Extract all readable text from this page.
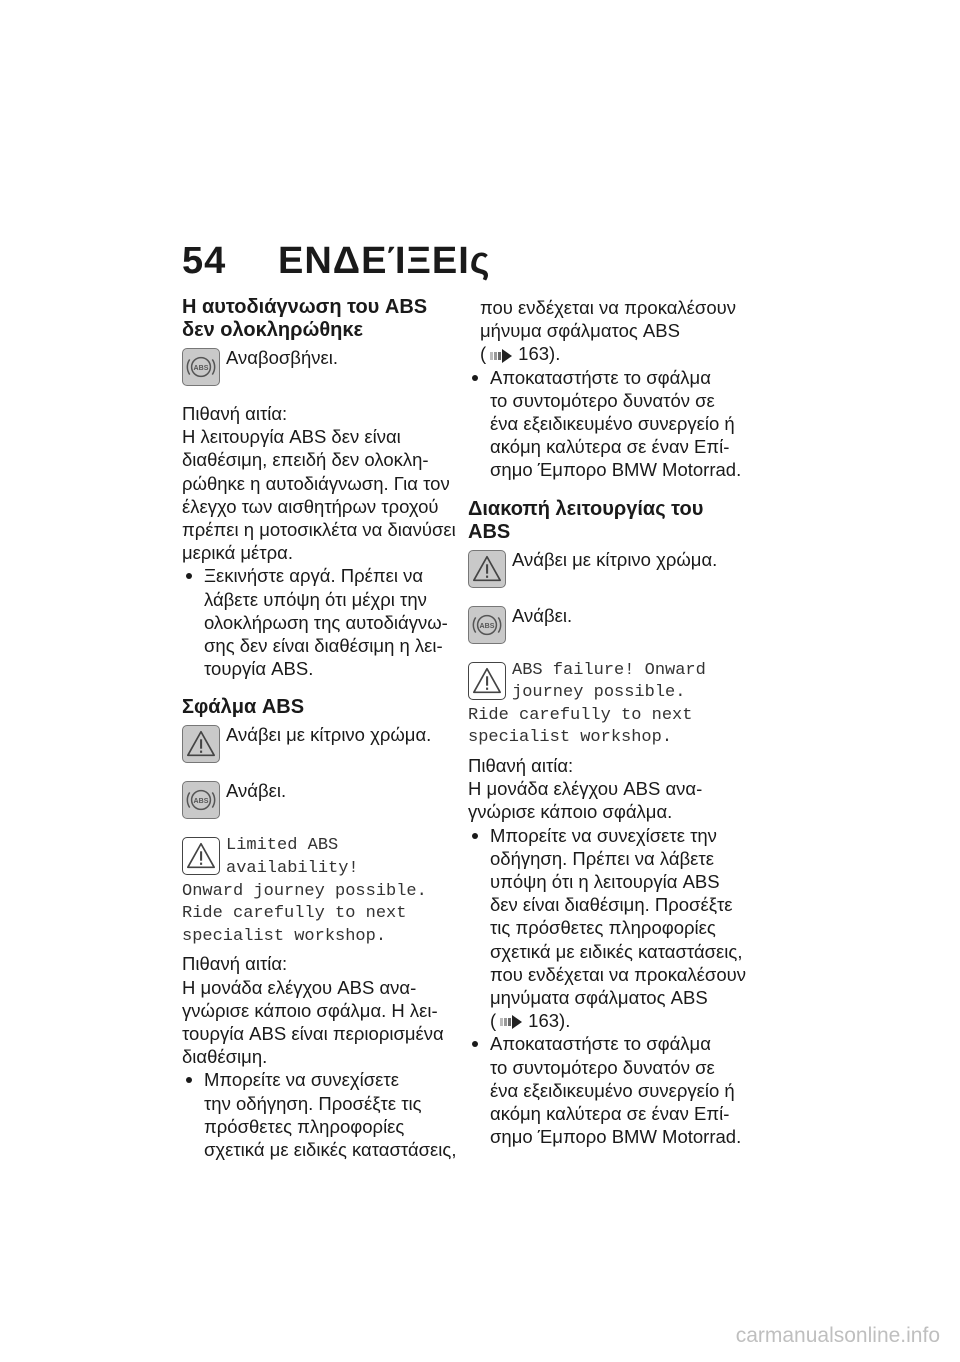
54 ΕΝΔΕΊΞΕΙς
Η αυτοδιάγνωση του ABS
δεν ολοκληρώθηκε
Αναβοσβήνει.

Πιθανή αιτία:

Η λειτουργία ABS δεν είναι
διαθέσιμη, επειδή δεν ολοκλη-
ρώθηκε η αυτοδιάγνωση. Για τον
έλεγχο των αισθητήρων τροχού
πρέπει η μοτοσικλέτα να διανύσει
μερικά μέτρα.

Ξεκινήστε αργά. Πρέπει να
λάβετε υπόψη ότι μέχρι την
ολοκλήρωση της αυτοδιάγνω-
σης δεν είναι διαθέσιμη η λει-
τουργία ABS.
Σφάλμα ABS
Ανάβει με κίτρινο χρώμα.
Ανάβει.
Limited ABS
availability!
Onward journey possible.
Ride carefully to next
specialist workshop.

Πιθανή αιτία:

Η μονάδα ελέγχου ABS ανα-
γνώρισε κάποιο σφάλμα. Η λει-
τουργία ABS είναι περιορισμένα
διαθέσιμη.

Μπορείτε να συνεχίσετε
την οδήγηση. Προσέξτε τις
πρόσθετες πληροφορίες
σχετικά με ειδικές καταστάσεις,
που ενδέχεται να προκαλέσουν
μήνυμα σφάλματος ABS
( 163).
Αποκαταστήστε το σφάλμα
το συντομότερο δυνατόν σε
ένα εξειδικευμένο συνεργείο ή
ακόμη καλύτερα σε έναν Επί-
σημο Έμπορο BMW Motorrad.
Διακοπή λειτουργίας του
ABS
Ανάβει με κίτρινο χρώμα.
Ανάβει.
ABS failure! Onward
journey possible.
Ride carefully to next
specialist workshop.

Πιθανή αιτία:

Η μονάδα ελέγχου ABS ανα-
γνώρισε κάποιο σφάλμα.

Μπορείτε να συνεχίσετε την
οδήγηση. Πρέπει να λάβετε
υπόψη ότι η λειτουργία ABS
δεν είναι διαθέσιμη. Προσέξτε
τις πρόσθετες πληροφορίες
σχετικά με ειδικές καταστάσεις,
που ενδέχεται να προκαλέσουν
μηνύματα σφάλματος ABS
( 163).
Αποκαταστήστε το σφάλμα
το συντομότερο δυνατόν σε
ένα εξειδικευμένο συνεργείο ή
ακόμη καλύτερα σε έναν Επί-
σημο Έμπορο BMW Motorrad.
carmanualsonline.info
